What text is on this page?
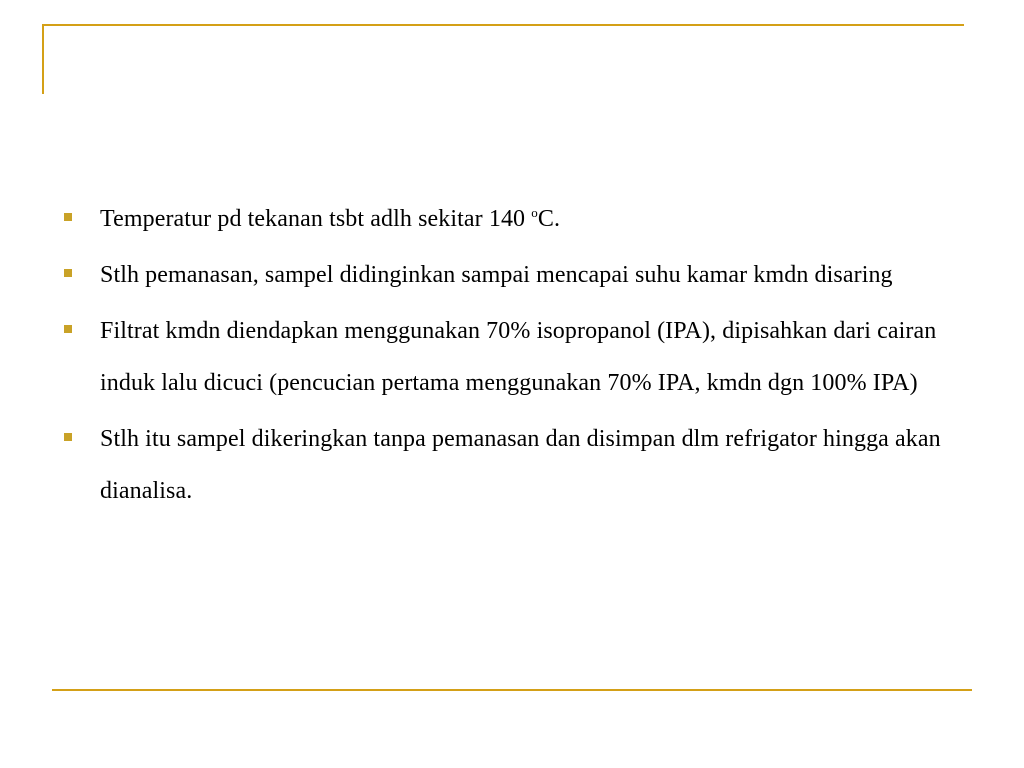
Temperatur pd tekanan tsbt adlh sekitar 140 $^o$C.
Stlh pemanasan, sampel didinginkan sampai mencapai suhu kamar kmdn disaring
Filtrat kmdn diendapkan menggunakan 70% isopropanol (IPA), dipisahkan dari cairan induk lalu dicuci (pencucian pertama menggunakan 70% IPA, kmdn dgn 100% IPA)
Stlh itu sampel dikeringkan tanpa pemanasan dan disimpan dlm refrigator hingga akan dianalisa.
